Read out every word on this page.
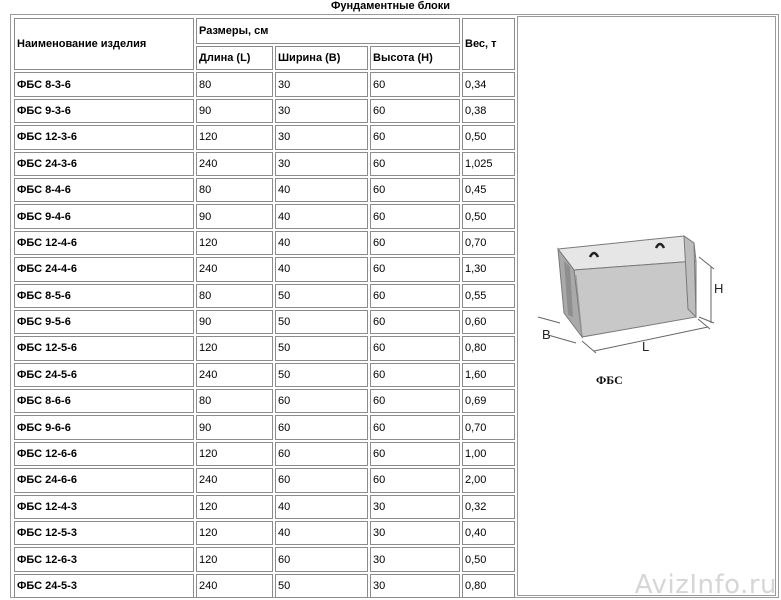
Фундаментные блоки
Наименование изделия	Размеры, см			Вес, т
	Длина (L)	Ширина (В)	Высота (Н)	
ФБС 8-3-6	80	30	60	0,34
ФБС 9-3-6	90	30	60	0,38
ФБС 12-3-6	120	30	60	0,50
ФБС 24-3-6	240	30	60	1,025
ФБС 8-4-6	80	40	60	0,45
ФБС 9-4-6	90	40	60	0,50
ФБС 12-4-6	120	40	60	0,70
ФБС 24-4-6	240	40	60	1,30
ФБС 8-5-6	80	50	60	0,55
ФБС 9-5-6	90	50	60	0,60
ФБС 12-5-6	120	50	60	0,80
ФБС 24-5-6	240	50	60	1,60
ФБС 8-6-6	80	60	60	0,69
ФБС 9-6-6	90	60	60	0,70
ФБС 12-6-6	120	60	60	1,00
ФБС 24-6-6	240	60	60	2,00
ФБС 12-4-3	120	40	30	0,32
ФБС 12-5-3	120	40	30	0,40
ФБС 12-6-3	120	60	30	0,50
ФБС 24-5-3	240	50	30	0,80
B
L
H
ФБС
AvizInfo.ru
